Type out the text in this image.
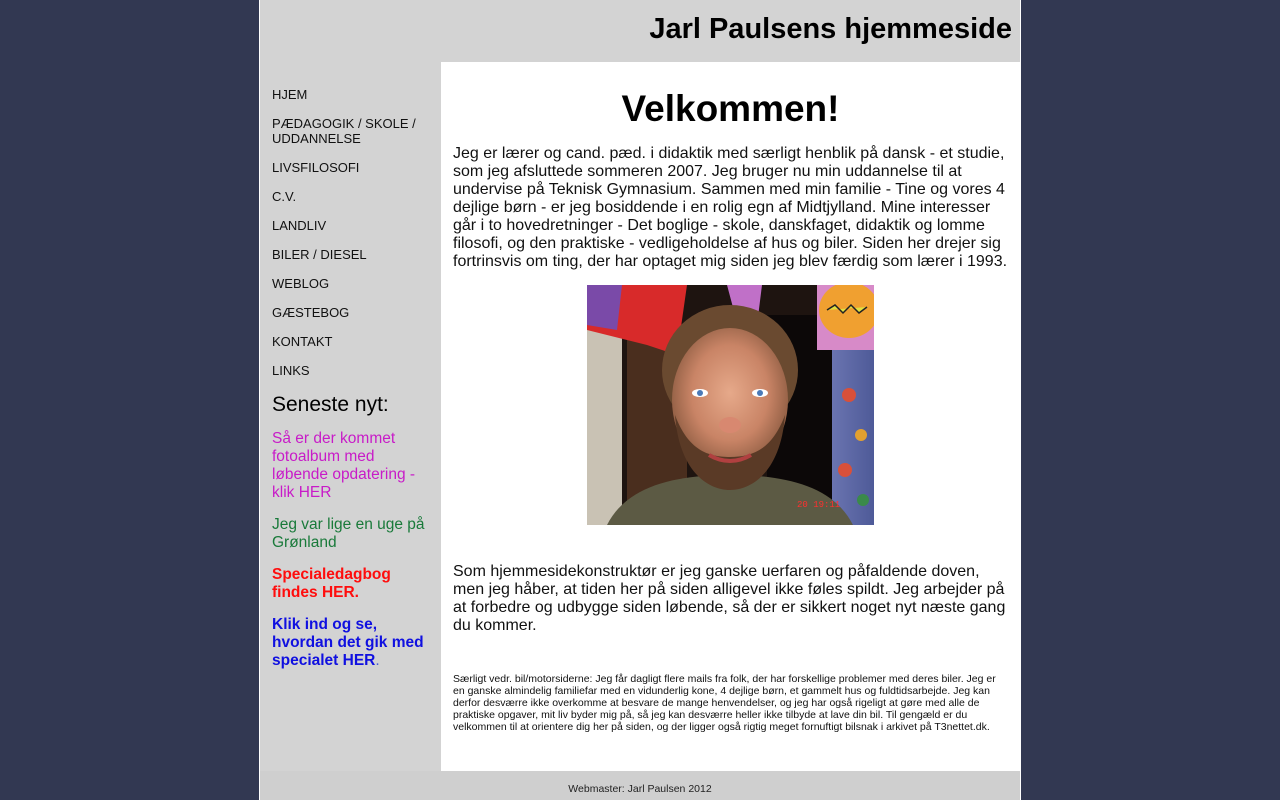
Jarl Paulsens hjemmeside
HJEM
PÆDAGOGIK / SKOLE / UDDANNELSE
LIVSFILOSOFI
C.V.
LANDLIV
BILER / DIESEL
WEBLOG
GÆSTEBOG
KONTAKT
LINKS
Seneste nyt:

Så er der kommet fotoalbum med løbende opdatering - klik HER

Jeg var lige en uge på Grønland

Specialedagbog findes HER.

Klik ind og se, hvordan det gik med specialet HER.

Velkommen!

Jeg er lærer og cand. pæd. i didaktik med særligt henblik på dansk - et studie, som jeg afsluttede sommeren 2007. Jeg bruger nu min uddannelse til at undervise på Teknisk Gymnasium. Sammen med min familie - Tine og vores 4 dejlige børn - er jeg bosiddende i en rolig egn af Midtjylland. Mine interesser går i to hovedretninger - Det boglige - skole, danskfaget, didaktik og lomme filosofi, og den praktiske - vedligeholdelse af hus og biler. Siden her drejer sig fortrinsvis om ting, der har optaget mig siden jeg blev færdig som lærer i 1993.

20 19:11

Som hjemmesidekonstruktør er jeg ganske uerfaren og påfaldende doven, men jeg håber, at tiden her på siden alligevel ikke føles spildt. Jeg arbejder på at forbedre og udbygge siden løbende, så der er sikkert noget nyt næste gang du kommer.

Særligt vedr. bil/motorsiderne: Jeg får dagligt flere mails fra folk, der har forskellige problemer med deres biler. Jeg er en ganske almindelig familiefar med en vidunderlig kone, 4 dejlige børn, et gammelt hus og fuldtidsarbejde. Jeg kan derfor desværre ikke overkomme at besvare de mange henvendelser, og jeg har også rigeligt at gøre med alle de praktiske opgaver, mit liv byder mig på, så jeg kan desværre heller ikke tilbyde at lave din bil. Til gengæld er du velkommen til at orientere dig her på siden, og der ligger også rigtig meget fornuftigt bilsnak i arkivet på T3nettet.dk.

Webmaster: Jarl Paulsen 2012
